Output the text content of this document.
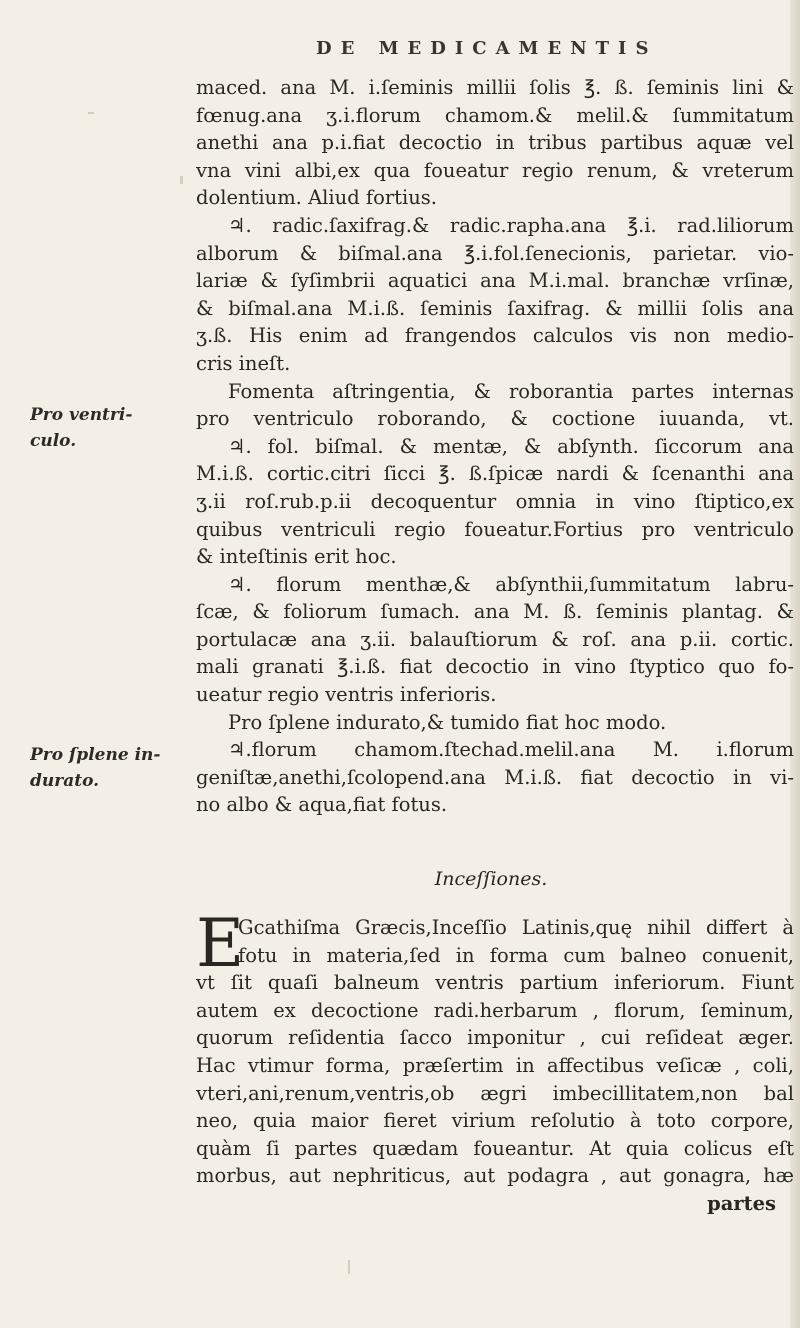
DE MEDICAMENTIS
Pro ventri-
culo.
Pro ſplene in-
durato.
maced. ana M. i.ſeminis millii ſolis ℥. ß. ſeminis lini &
fœnug.ana ʒ.i.florum chamom.& melil.& ſummitatum
anethi ana p.i.fiat decoctio in tribus partibus aquæ vel
vna vini albi,ex qua foueatur regio renum, & vreterum
dolentium. Aliud fortius.
♃. radic.ſaxifrag.& radic.rapha.ana ℥.i. rad.liliorum
alborum & biſmal.ana ℥.i.fol.ſenecionis, parietar. vio-
lariæ & ſyſimbrii aquatici ana M.i.mal. branchæ vrſinæ,
& biſmal.ana M.i.ß. ſeminis ſaxifrag. & millii ſolis ana
ʒ.ß. His enim ad frangendos calculos vis non medio-
cris ineſt.
Fomenta aſtringentia, & roborantia partes internas
pro ventriculo roborando, & coctione iuuanda, vt.
♃. fol. biſmal. & mentæ, & abſynth. ſiccorum ana
M.i.ß. cortic.citri ſicci ℥. ß.ſpicæ nardi & ſcenanthi ana
ʒ.ii roſ.rub.p.ii decoquentur omnia in vino ſtiptico,ex
quibus ventriculi regio foueatur.Fortius pro ventriculo
& inteſtinis erit hoc.
♃. florum menthæ,& abſynthii,ſummitatum labru-
ſcæ, & foliorum ſumach. ana M. ß. ſeminis plantag. &
portulacæ ana ʒ.ii. balauſtiorum & roſ. ana p.ii. cortic.
mali granati ℥.i.ß. fiat decoctio in vino ſtyptico quo fo-
ueatur regio ventris inferioris.
Pro ſplene indurato,& tumido fiat hoc modo.
♃.florum chamom.ſtechad.melil.ana M. i.florum
geniſtæ,anethi,ſcolopend.ana M.i.ß. fiat decoctio in vi-
no albo & aqua,fiat fotus.
Inceſſiones.
E
Gcathiſma Græcis,Inceſſio Latinis,quę nihil differt à
fotu in materia,ſed in forma cum balneo conuenit,
vt ſit quaſi balneum ventris partium inferiorum. Fiunt
autem ex decoctione radi.herbarum , florum, ſeminum,
quorum reſidentia ſacco imponitur , cui reſideat æger.
Hac vtimur forma, præſertim in affectibus veſicæ , coli,
vteri,ani,renum,ventris,ob ægri imbecillitatem,non bal
neo, quia maior fieret virium reſolutio à toto corpore,
quàm ſi partes quædam foueantur. At quia colicus eſt
morbus, aut nephriticus, aut podagra , aut gonagra, hæ
partes
